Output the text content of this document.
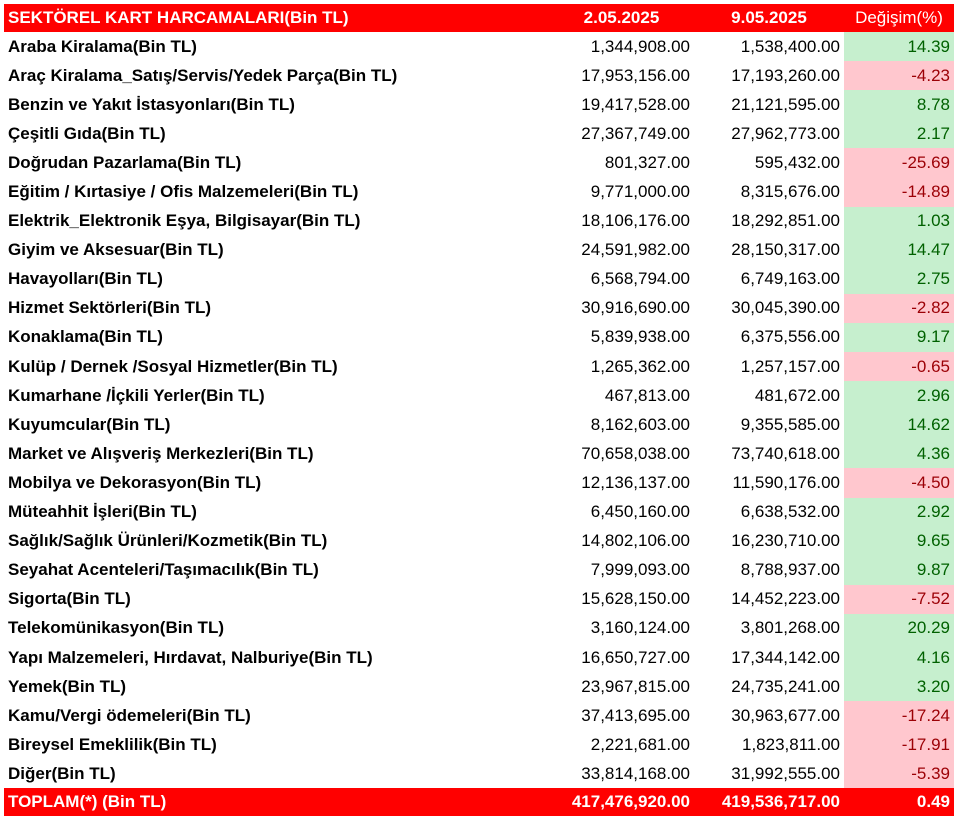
SEKTÖREL KART HARCAMALARI(Bin TL)	2.05.2025	9.05.2025	Değişim(%)
Araba Kiralama(Bin TL)	1,344,908.00	1,538,400.00	14.39
Araç Kiralama_Satış/Servis/Yedek Parça(Bin TL)	17,953,156.00	17,193,260.00	-4.23
Benzin ve Yakıt İstasyonları(Bin TL)	19,417,528.00	21,121,595.00	8.78
Çeşitli Gıda(Bin TL)	27,367,749.00	27,962,773.00	2.17
Doğrudan Pazarlama(Bin TL)	801,327.00	595,432.00	-25.69
Eğitim / Kırtasiye / Ofis Malzemeleri(Bin TL)	9,771,000.00	8,315,676.00	-14.89
Elektrik_Elektronik Eşya, Bilgisayar(Bin TL)	18,106,176.00	18,292,851.00	1.03
Giyim ve Aksesuar(Bin TL)	24,591,982.00	28,150,317.00	14.47
Havayolları(Bin TL)	6,568,794.00	6,749,163.00	2.75
Hizmet Sektörleri(Bin TL)	30,916,690.00	30,045,390.00	-2.82
Konaklama(Bin TL)	5,839,938.00	6,375,556.00	9.17
Kulüp / Dernek /Sosyal Hizmetler(Bin TL)	1,265,362.00	1,257,157.00	-0.65
Kumarhane /İçkili Yerler(Bin TL)	467,813.00	481,672.00	2.96
Kuyumcular(Bin TL)	8,162,603.00	9,355,585.00	14.62
Market ve Alışveriş Merkezleri(Bin TL)	70,658,038.00	73,740,618.00	4.36
Mobilya ve Dekorasyon(Bin TL)	12,136,137.00	11,590,176.00	-4.50
Müteahhit İşleri(Bin TL)	6,450,160.00	6,638,532.00	2.92
Sağlık/Sağlık Ürünleri/Kozmetik(Bin TL)	14,802,106.00	16,230,710.00	9.65
Seyahat Acenteleri/Taşımacılık(Bin TL)	7,999,093.00	8,788,937.00	9.87
Sigorta(Bin TL)	15,628,150.00	14,452,223.00	-7.52
Telekomünikasyon(Bin TL)	3,160,124.00	3,801,268.00	20.29
Yapı Malzemeleri, Hırdavat, Nalburiye(Bin TL)	16,650,727.00	17,344,142.00	4.16
Yemek(Bin TL)	23,967,815.00	24,735,241.00	3.20
Kamu/Vergi ödemeleri(Bin TL)	37,413,695.00	30,963,677.00	-17.24
Bireysel Emeklilik(Bin TL)	2,221,681.00	1,823,811.00	-17.91
Diğer(Bin TL)	33,814,168.00	31,992,555.00	-5.39
TOPLAM(*) (Bin TL)	417,476,920.00	419,536,717.00	0.49
